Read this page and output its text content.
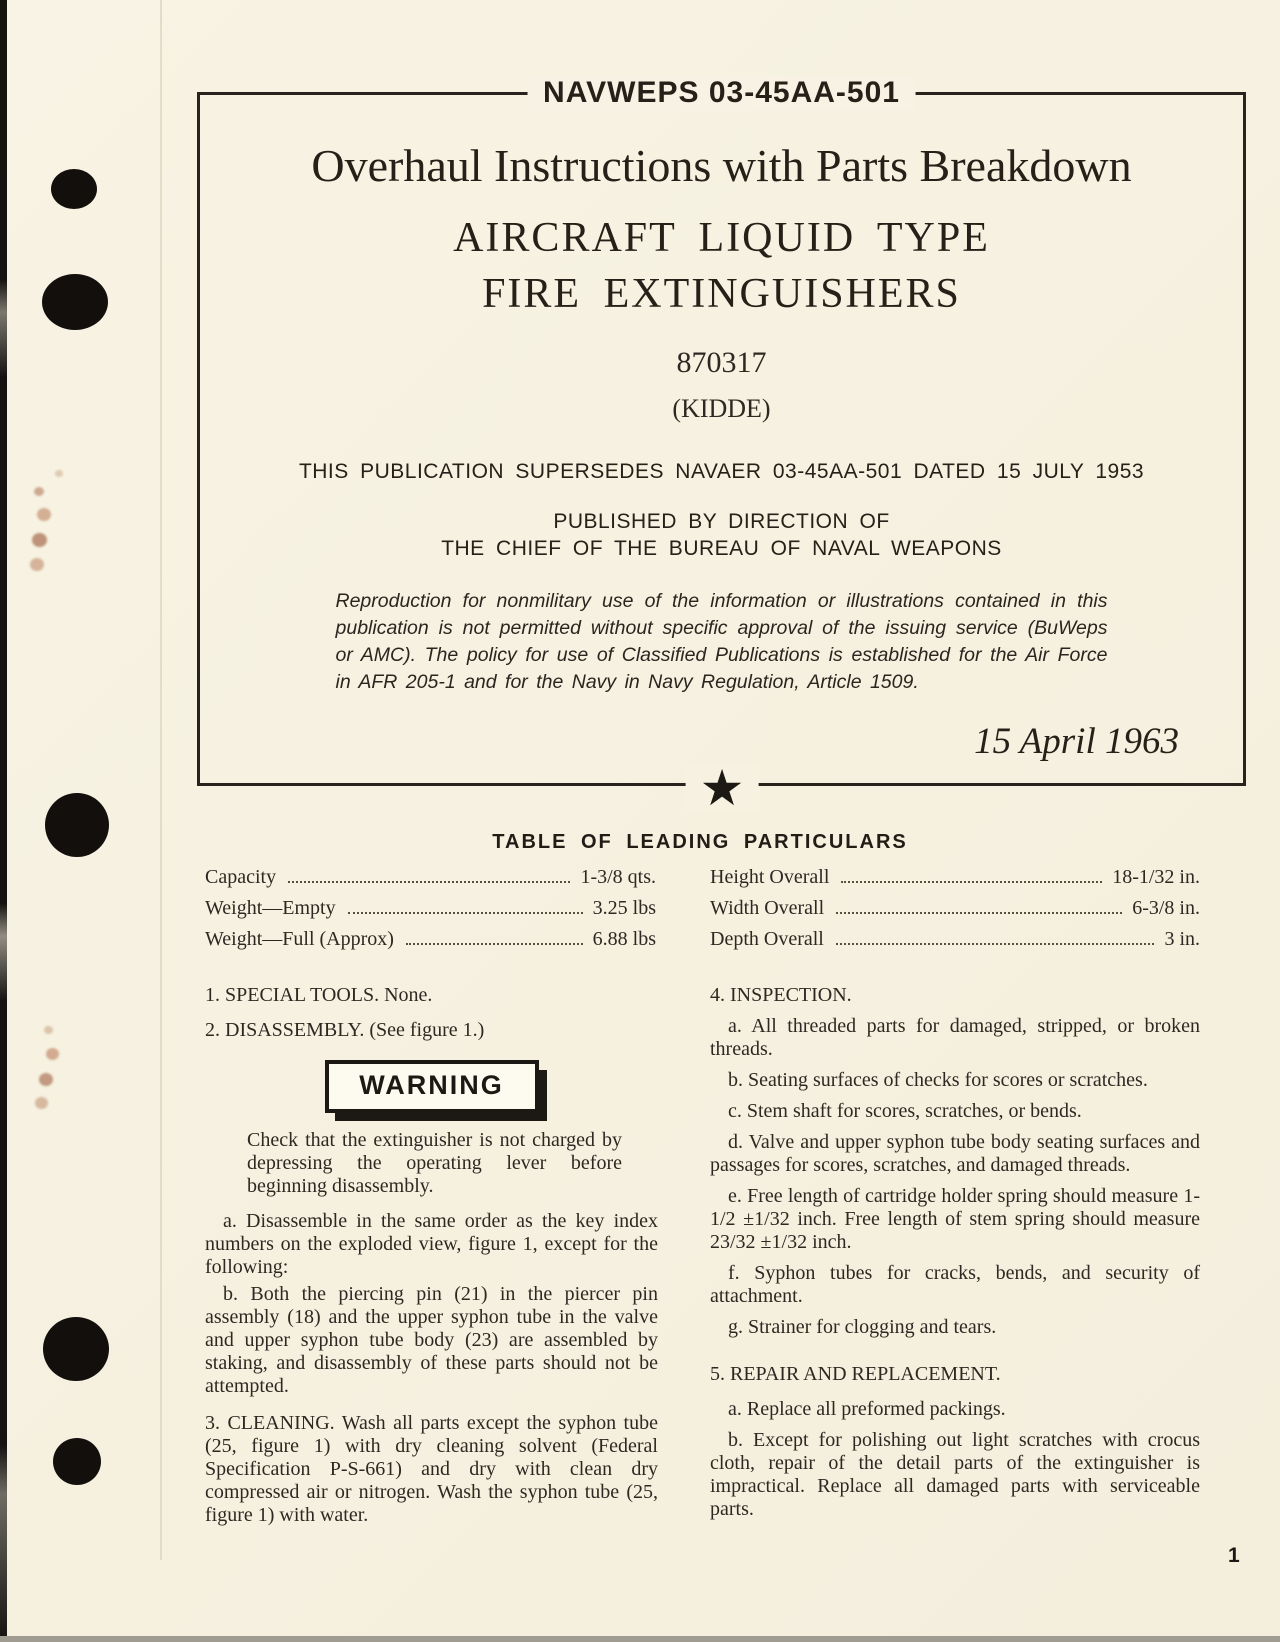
NAVWEPS 03-45AA-501
Overhaul Instructions with Parts Breakdown
AIRCRAFT LIQUID TYPE
FIRE EXTINGUISHERS
870317
(KIDDE)
THIS PUBLICATION SUPERSEDES NAVAER 03-45AA-501 DATED 15 JULY 1953
PUBLISHED BY DIRECTION OF
THE CHIEF OF THE BUREAU OF NAVAL WEAPONS
Reproduction for nonmilitary use of the information or illustrations contained in this publication is not permitted without specific approval of the issuing service (BuWeps or AMC). The policy for use of Classified Publications is established for the Air Force in AFR 205-1 and for the Navy in Navy Regulation, Article 1509.
15 April 1963
★
TABLE OF LEADING PARTICULARS
Capacity	1-3/8 qts.
Weight—Empty	3.25 lbs
Weight—Full (Approx)	6.88 lbs
Height Overall	18-1/32 in.
Width Overall	6-3/8 in.
Depth Overall	3 in.

1. SPECIAL TOOLS. None.

2. DISASSEMBLY. (See figure 1.)

WARNING

Check that the extinguisher is not charged by depressing the operating lever before beginning disassembly.

a. Disassemble in the same order as the key index numbers on the exploded view, figure 1, except for the following:

b. Both the piercing pin (21) in the piercer pin assembly (18) and the upper syphon tube in the valve and upper syphon tube body (23) are assembled by staking, and disassembly of these parts should not be attempted.

3. CLEANING. Wash all parts except the syphon tube (25, figure 1) with dry cleaning solvent (Federal Specification P-S-661) and dry with clean dry compressed air or nitrogen. Wash the syphon tube (25, figure 1) with water.

4. INSPECTION.

a. All threaded parts for damaged, stripped, or broken threads.

b. Seating surfaces of checks for scores or scratches.

c. Stem shaft for scores, scratches, or bends.

d. Valve and upper syphon tube body seating surfaces and passages for scores, scratches, and damaged threads.

e. Free length of cartridge holder spring should measure 1-1/2 ±1/32 inch. Free length of stem spring should measure 23/32 ±1/32 inch.

f. Syphon tubes for cracks, bends, and security of attachment.

g. Strainer for clogging and tears.

5. REPAIR AND REPLACEMENT.

a. Replace all preformed packings.

b. Except for polishing out light scratches with crocus cloth, repair of the detail parts of the extinguisher is impractical. Replace all damaged parts with serviceable parts.

1
